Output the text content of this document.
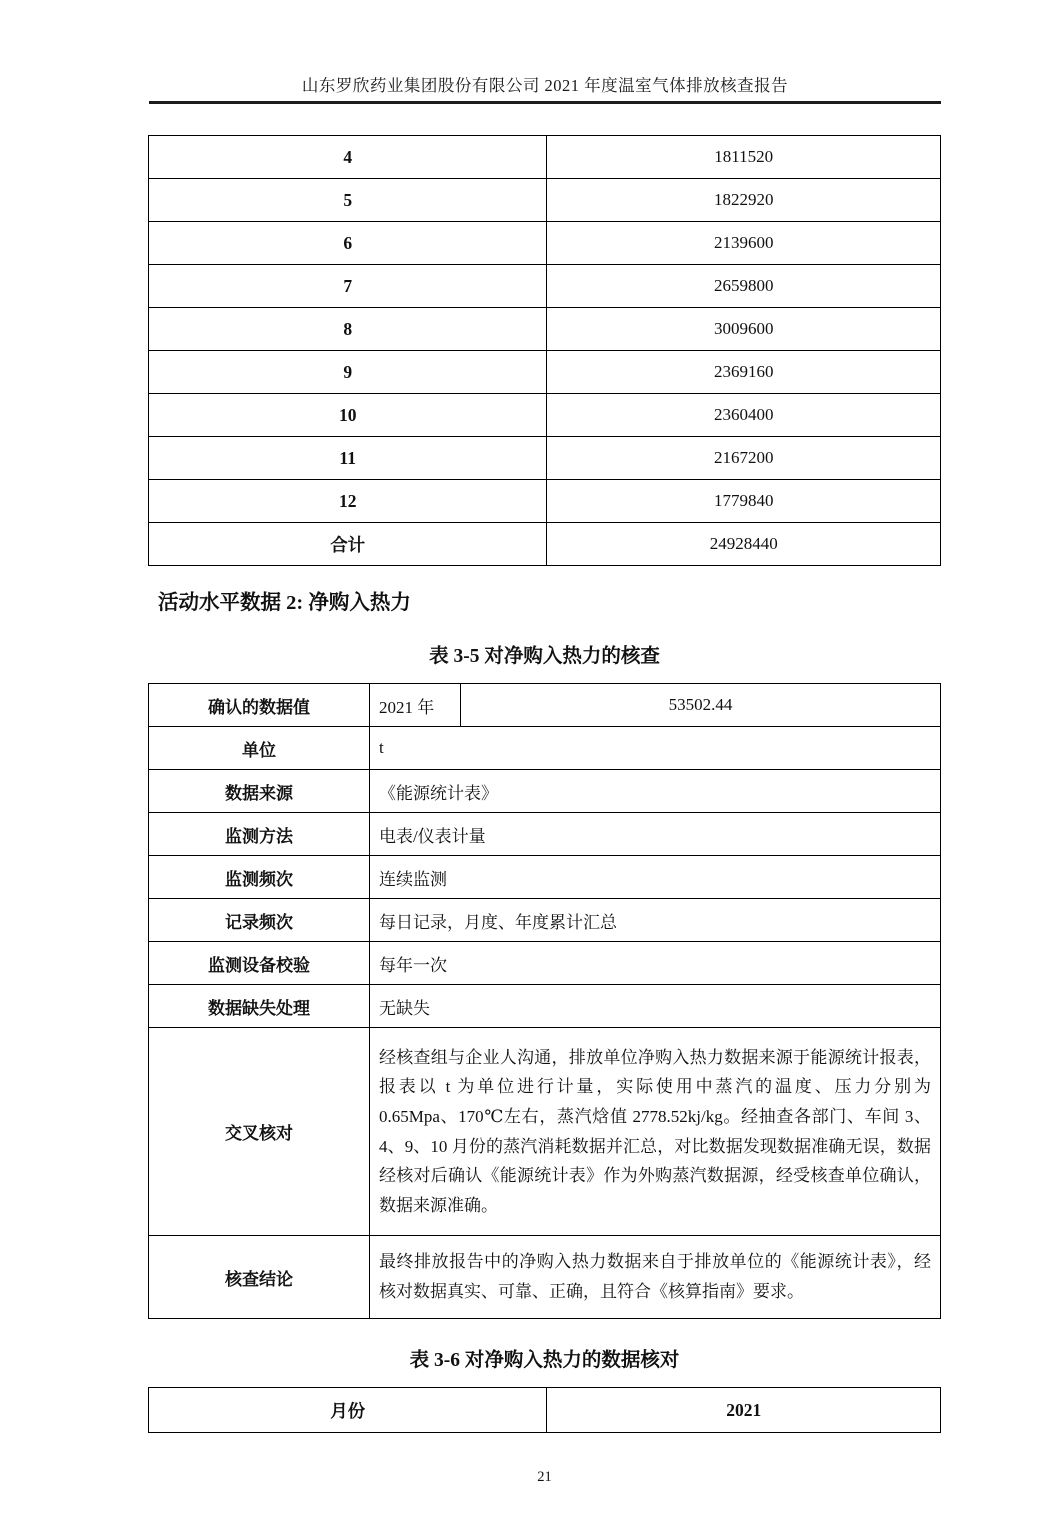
山东罗欣药业集团股份有限公司 2021 年度温室气体排放核查报告
4	1811520
5	1822920
6	2139600
7	2659800
8	3009600
9	2369160
10	2360400
11	2167200
12	1779840
合计	24928440
活动水平数据 2: 净购入热力
表 3-5 对净购入热力的核查
确认的数据值	2021 年	53502.44
单位	t	
数据来源	《能源统计表》	
监测方法	电表/仪表计量	
监测频次	连续监测	
记录频次	每日记录，月度、年度累计汇总	
监测设备校验	每年一次	
数据缺失处理	无缺失	
交叉核对	经核查组与企业人沟通，排放单位净购入热力数据来源于能源统计报表，报表以 t 为单位进行计量，实际使用中蒸汽的温度、压力分别为 0.65Mpa、170℃左右，蒸汽焓值 2778.52kj/kg。经抽查各部门、车间 3、4、9、10 月份的蒸汽消耗数据并汇总，对比数据发现数据准确无误，数据经核对后确认《能源统计表》作为外购蒸汽数据源，经受核查单位确认，数据来源准确。	
核查结论	最终排放报告中的净购入热力数据来自于排放单位的《能源统计表》，经核对数据真实、可靠、正确，且符合《核算指南》要求。	
表 3-6 对净购入热力的数据核对
月份	2021
21
